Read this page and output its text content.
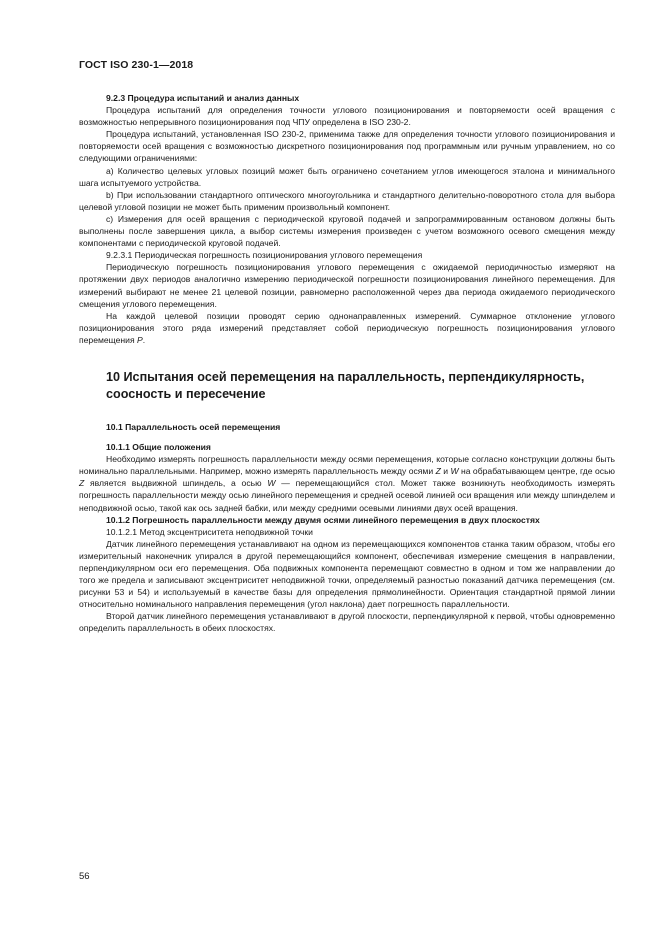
ГОСТ ISO 230-1—2018

9.2.3 Процедура испытаний и анализ данных

Процедура испытаний для определения точности углового позиционирования и повторяемости осей вращения с возможностью непрерывного позиционирования под ЧПУ определена в ISO 230-2.

Процедура испытаний, установленная ISO 230-2, применима также для определения точности углового позиционирования и повторяемости осей вращения с возможностью дискретного позиционирования под программным или ручным управлением, но со следующими ограничениями:

a) Количество целевых угловых позиций может быть ограничено сочетанием углов имеющегося эталона и минимального шага испытуемого устройства.

b) При использовании стандартного оптического многоугольника и стандартного делительно-поворотного стола для выбора целевой угловой позиции не может быть применим произвольный компонент.

c) Измерения для осей вращения с периодической круговой подачей и запрограммированным остановом должны быть выполнены после завершения цикла, а выбор системы измерения произведен с учетом возможного осевого смещения между компонентами с периодической круговой подачей.

9.2.3.1 Периодическая погрешность позиционирования углового перемещения

Периодическую погрешность позиционирования углового перемещения с ожидаемой периодичностью измеряют на протяжении двух периодов аналогично измерению периодической погрешности позиционирования линейного перемещения. Для измерений выбирают не менее 21 целевой позиции, равномерно расположенной через два периода ожидаемого периодического смещения углового перемещения.

На каждой целевой позиции проводят серию однонаправленных измерений. Суммарное отклонение углового позиционирования этого ряда измерений представляет собой периодическую погрешность позиционирования углового перемещения P.

10 Испытания осей перемещения на параллельность, перпендикулярность,
соосность и пересечение

10.1 Параллельность осей перемещения

10.1.1 Общие положения

Необходимо измерять погрешность параллельности между осями перемещения, которые согласно конструкции должны быть номинально параллельными. Например, можно измерять параллельность между осями Z и W на обрабатывающем центре, где осью Z является выдвижной шпиндель, а осью W — перемещающийся стол. Может также возникнуть необходимость измерять погрешность параллельности между осью линейного перемещения и средней осевой линией оси вращения или между шпинделем и неподвижной осью, такой как ось задней бабки, или между средними осевыми линиями двух осей вращения.

10.1.2 Погрешность параллельности между двумя осями линейного перемещения в двух плоскостях

10.1.2.1 Метод эксцентриситета неподвижной точки

Датчик линейного перемещения устанавливают на одном из перемещающихся компонентов станка таким образом, чтобы его измерительный наконечник упирался в другой перемещающийся компонент, обеспечивая измерение смещения в направлении, перпендикулярном оси его перемещения. Оба подвижных компонента перемещают совместно в одном и том же направлении до того же предела и записывают эксцентриситет неподвижной точки, определяемый разностью показаний датчика перемещения (см. рисунки 53 и 54) и используемый в качестве базы для определения прямолинейности. Ориентация стандартной прямой линии относительно номинального направления перемещения (угол наклона) дает погрешность параллельности.

Второй датчик линейного перемещения устанавливают в другой плоскости, перпендикулярной к первой, чтобы одновременно определить параллельность в обеих плоскостях.

56
